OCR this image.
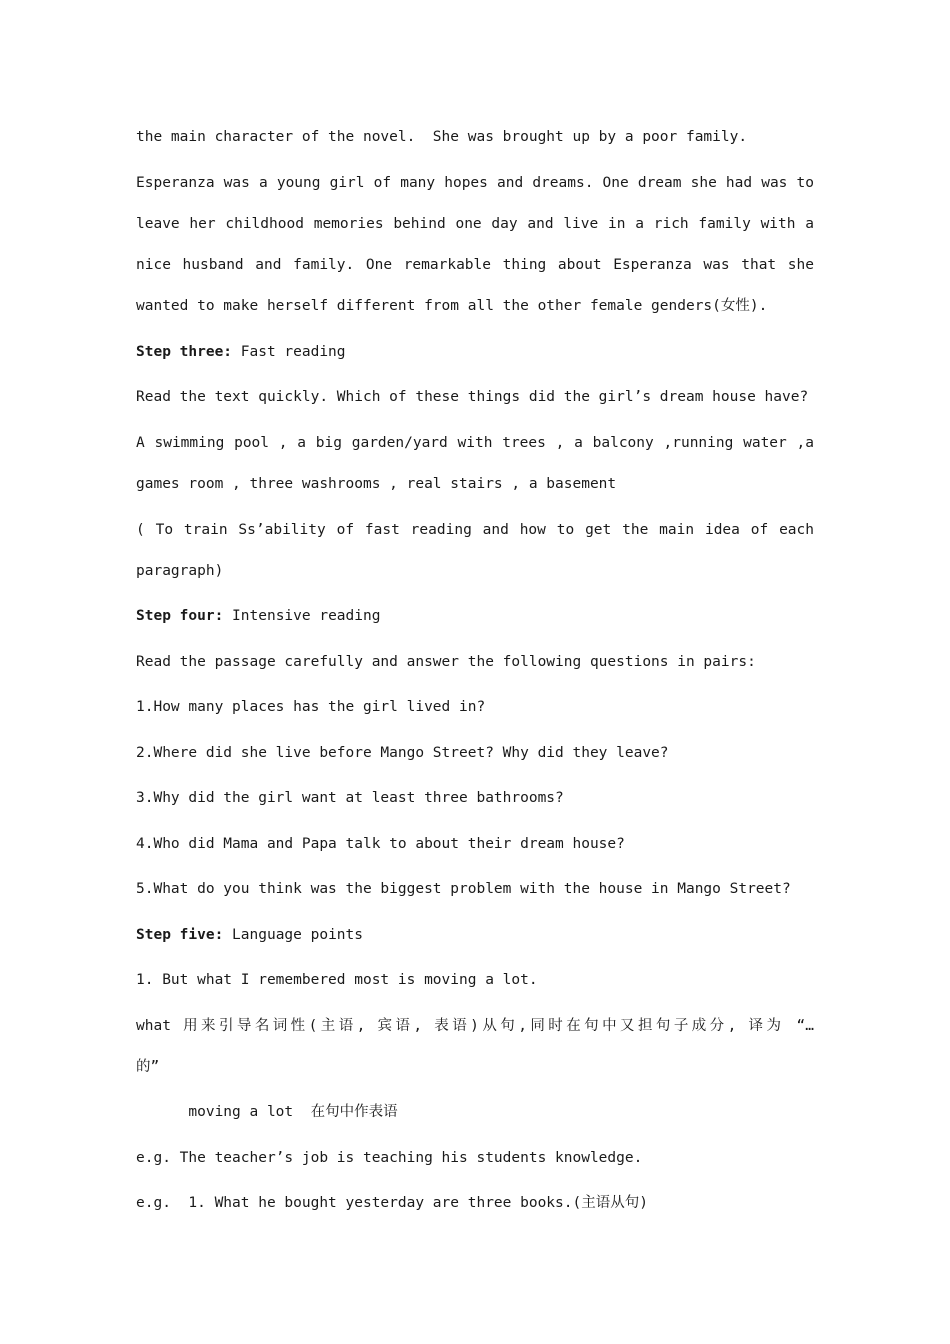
the main character of the novel.  She was brought up by a poor family.
Esperanza was a young girl of many hopes and dreams. One dream she had was to
leave her childhood memories behind one day and live in a rich family with a
nice husband and family. One remarkable thing about Esperanza was that she
wanted to make herself different from all the other female genders(女性).
Step three: Fast reading
Read the text quickly. Which of these things did the girl’s dream house have?
A swimming pool , a big garden/yard with trees , a balcony ,running water ,a
games room , three washrooms , real stairs , a basement
( To train Ss’ability of fast reading and how to get the main idea of each
paragraph)
Step four: Intensive reading
Read the passage carefully and answer the following questions in pairs:
1.How many places has the girl lived in?
2.Where did she live before Mango Street? Why did they leave?
3.Why did the girl want at least three bathrooms?
4.Who did Mama and Papa talk to about their dream house?
5.What do you think was the biggest problem with the house in Mango Street?
Step five: Language points
1. But what I remembered most is moving a lot.
what 用来引导名词性(主语, 宾语, 表语)从句,同时在句中又担句子成分, 译为 “…
的”
moving a lot  在句中作表语
e.g. The teacher’s job is teaching his students knowledge.
e.g.  1. What he bought yesterday are three books.(主语从句)
